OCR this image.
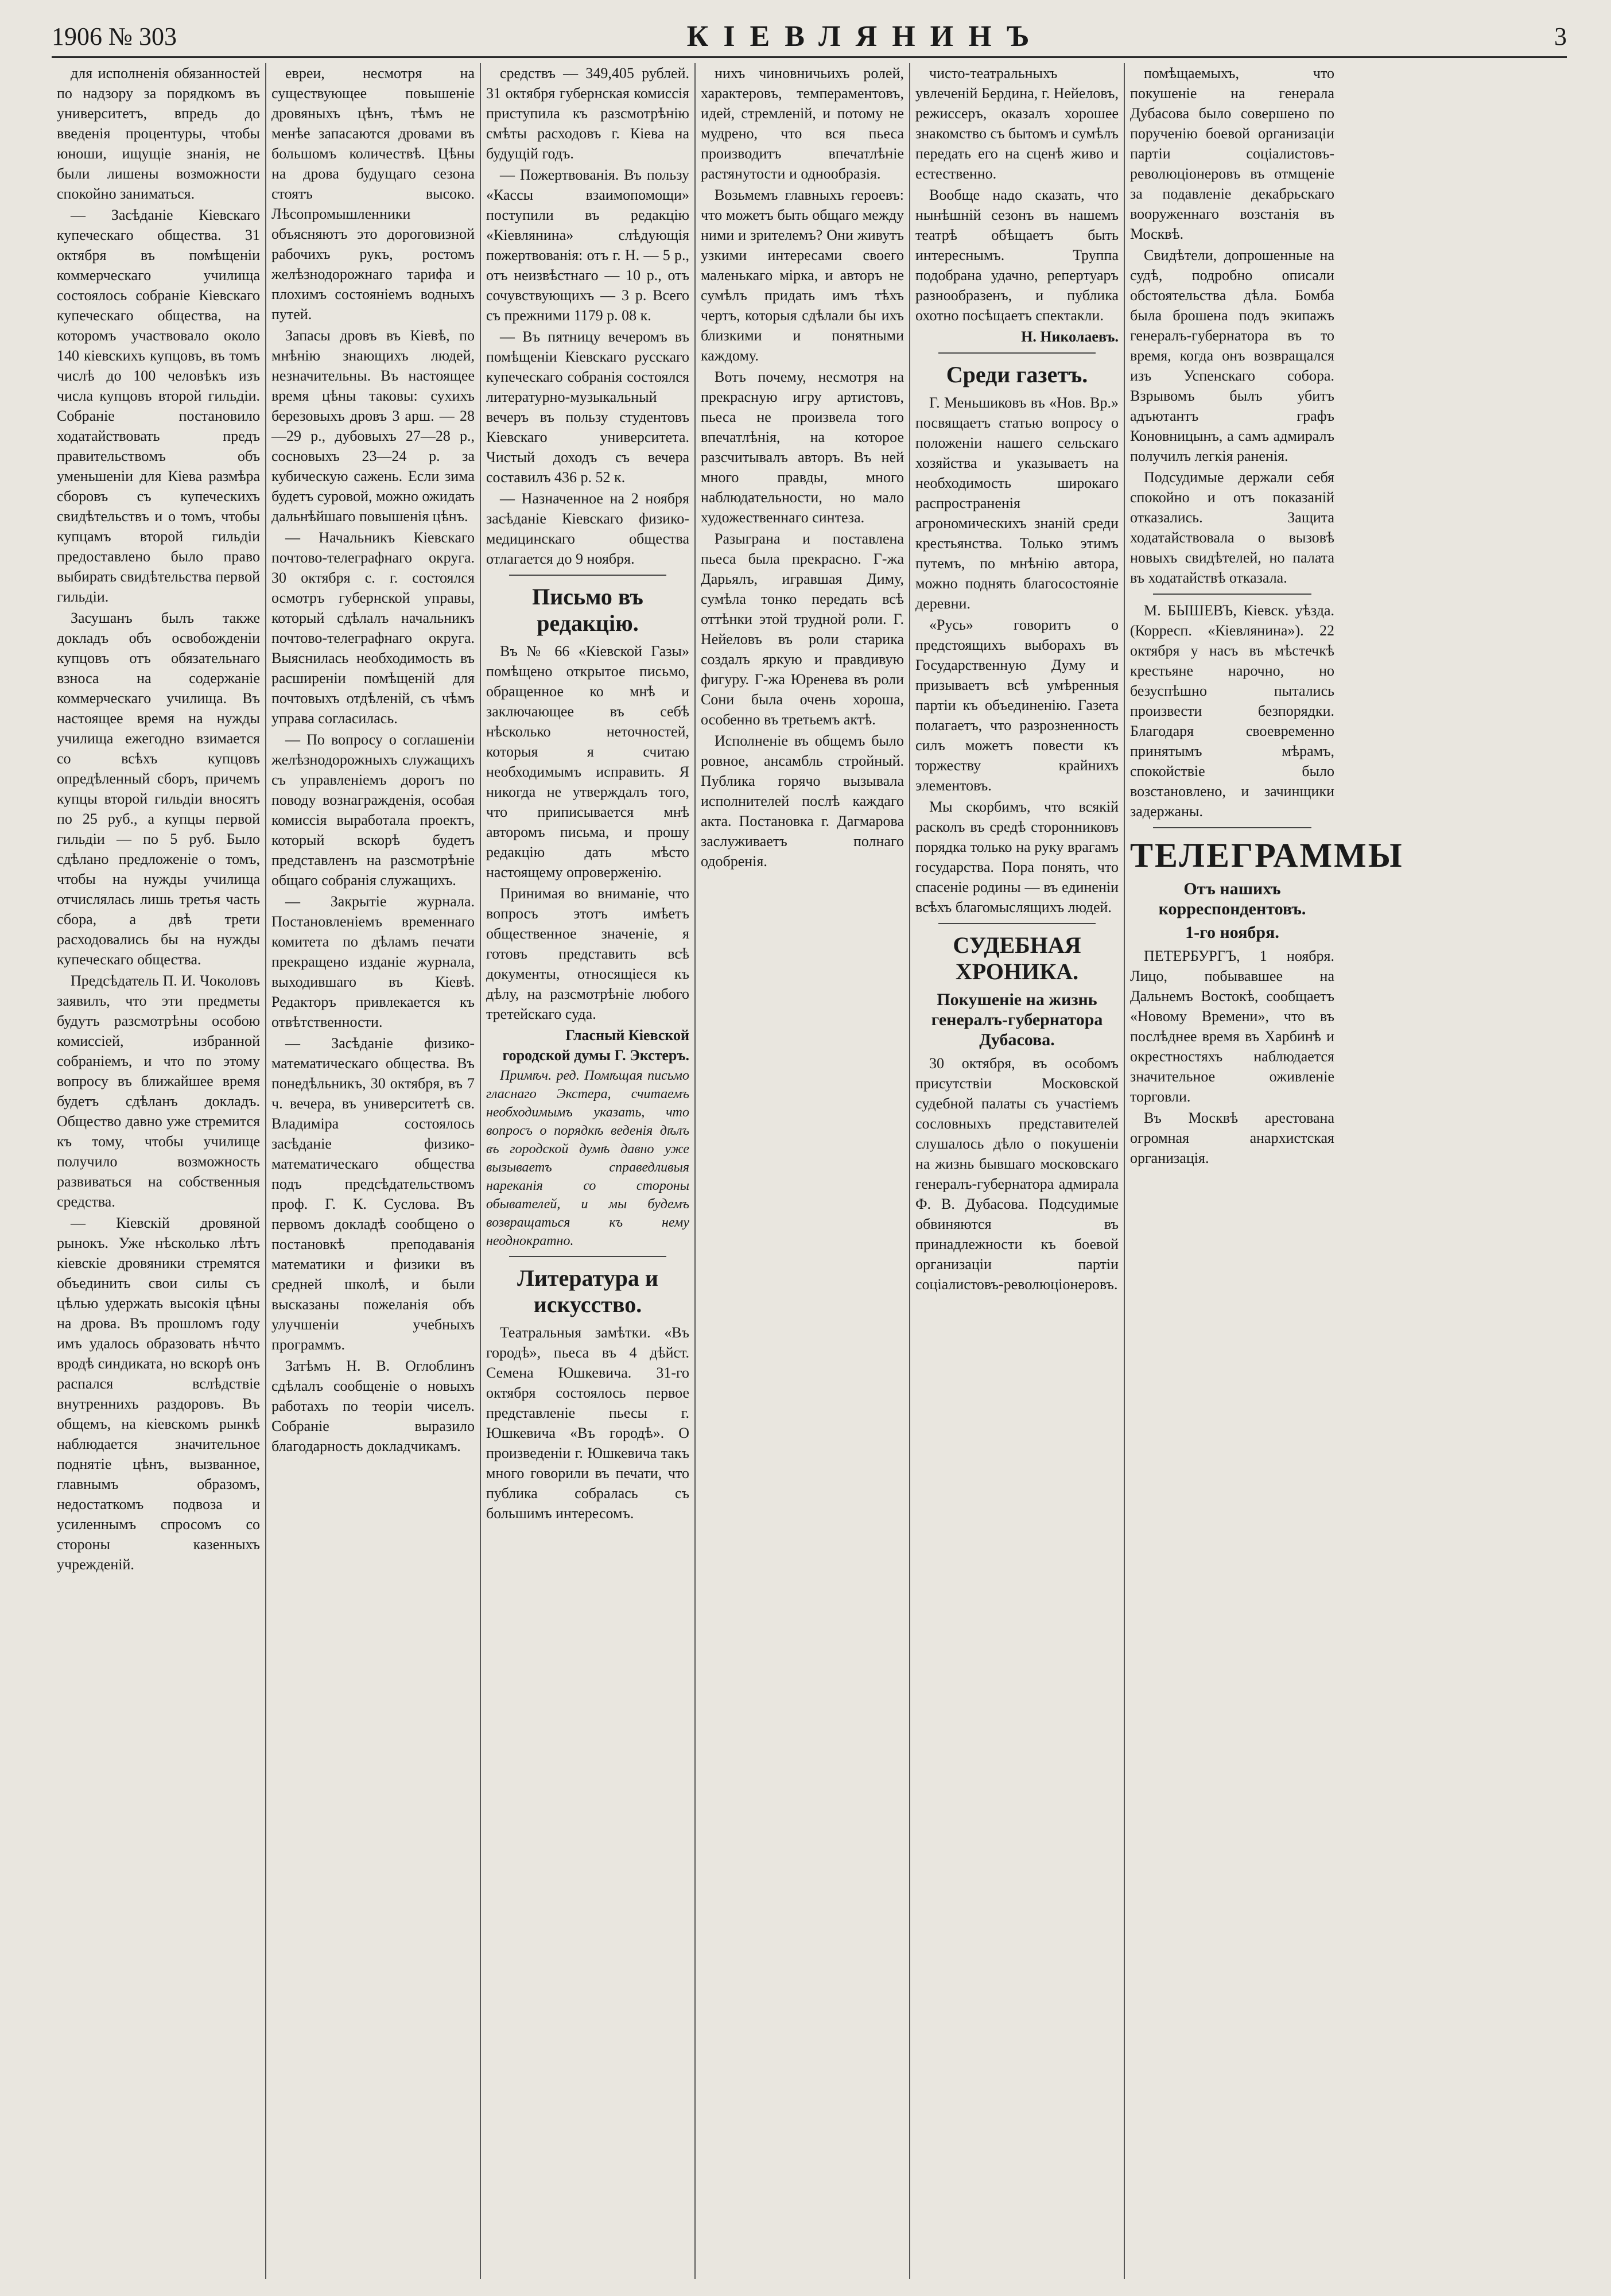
1906 № 303	КІЕВЛЯНИНЪ	3

для исполненія обязанностей по надзору за порядкомъ въ университетъ, впредь до введенія процентуры, чтобы юноши, ищущіе знанія, не были лишены возможности спокойно заниматься.

— Засѣданіе Кіевскаго купеческаго общества. 31 октября въ помѣщеніи коммерческаго училища состоялось собраніе Кіевскаго купеческаго общества, на которомъ участвовало около 140 кіевскихъ купцовъ, въ томъ числѣ до 100 человѣкъ изъ числа купцовъ второй гильдіи. Собраніе постановило ходатайствовать предъ правительствомъ объ уменьшеніи для Кіева размѣра сборовъ съ купеческихъ свидѣтельствъ и о томъ, чтобы купцамъ второй гильдіи предоставлено было право выбирать свидѣтельства первой гильдіи.

Засушанъ былъ также докладъ объ освобожденіи купцовъ отъ обязательнаго взноса на содержаніе коммерческаго училища. Въ настоящее время на нужды училища ежегодно взимается со всѣхъ купцовъ опредѣленный сборъ, причемъ купцы второй гильдіи вносятъ по 25 руб., а купцы первой гильдіи — по 5 руб. Было сдѣлано предложеніе о томъ, чтобы на нужды училища отчислялась лишь третья часть сбора, а двѣ трети расходовались бы на нужды купеческаго общества.

Предсѣдатель П. И. Чоколовъ заявилъ, что эти предметы будутъ разсмотрѣны особою комиссіей, избранной собраніемъ, и что по этому вопросу въ ближайшее время будетъ сдѣланъ докладъ. Общество давно уже стремится къ тому, чтобы училище получило возможность развиваться на собственныя средства.

— Кіевскій дровяной рынокъ. Уже нѣсколько лѣтъ кіевскіе дровяники стремятся объединить свои силы съ цѣлью удержать высокія цѣны на дрова. Въ прошломъ году имъ удалось образовать нѣчто вродѣ синдиката, но вскорѣ онъ распался вслѣдствіе внутреннихъ раздоровъ. Въ общемъ, на кіевскомъ рынкѣ наблюдается значительное поднятіе цѣнъ, вызванное, главнымъ образомъ, недостаткомъ подвоза и усиленнымъ спросомъ со стороны казенныхъ учрежденій.

евреи, несмотря на существующее повышеніе дровяныхъ цѣнъ, тѣмъ не менѣе запасаются дровами въ большомъ количествѣ. Цѣны на дрова будущаго сезона стоятъ высоко. Лѣсопромышленники объясняютъ это дороговизной рабочихъ рукъ, ростомъ желѣзнодорожнаго тарифа и плохимъ состояніемъ водныхъ путей.

Запасы дровъ въ Кіевѣ, по мнѣнію знающихъ людей, незначительны. Въ настоящее время цѣны таковы: сухихъ березовыхъ дровъ 3 арш. — 28—29 р., дубовыхъ 27—28 р., сосновыхъ 23—24 р. за кубическую сажень. Если зима будетъ суровой, можно ожидать дальнѣйшаго повышенія цѣнъ.

— Начальникъ Кіевскаго почтово-телеграфнаго округа. 30 октября с. г. состоялся осмотръ губернской управы, который сдѣлалъ начальникъ почтово-телеграфнаго округа. Выяснилась необходимость въ расширеніи помѣщеній для почтовыхъ отдѣленій, съ чѣмъ управа согласилась.

— По вопросу о соглашеніи желѣзнодорожныхъ служащихъ съ управленіемъ дорогъ по поводу вознагражденія, особая комиссія выработала проектъ, который вскорѣ будетъ представленъ на разсмотрѣніе общаго собранія служащихъ.

— Закрытіе журнала. Постановленіемъ временнаго комитета по дѣламъ печати прекращено изданіе журнала, выходившаго въ Кіевѣ. Редакторъ привлекается къ отвѣтственности.

— Засѣданіе физико-математическаго общества. Въ понедѣльникъ, 30 октября, въ 7 ч. вечера, въ университетѣ св. Владиміра состоялось засѣданіе физико-математическаго общества подъ предсѣдательствомъ проф. Г. К. Суслова. Въ первомъ докладѣ сообщено о постановкѣ преподаванія математики и физики въ средней школѣ, и были высказаны пожеланія объ улучшеніи учебныхъ программъ.

Затѣмъ Н. В. Оглоблинъ сдѣлалъ сообщеніе о новыхъ работахъ по теоріи чиселъ. Собраніе выразило благодарность докладчикамъ.

средствъ — 349,405 рублей. 31 октября губернская комиссія приступила къ разсмотрѣнію смѣты расходовъ г. Кіева на будущій годъ.

— Пожертвованія. Въ пользу «Кассы взаимопомощи» поступили въ редакцію «Кіевлянина» слѣдующія пожертвованія: отъ г. Н. — 5 р., отъ неизвѣстнаго — 10 р., отъ сочувствующихъ — 3 р. Всего съ прежними 1179 р. 08 к.

— Въ пятницу вечеромъ въ помѣщеніи Кіевскаго русскаго купеческаго собранія состоялся литературно-музыкальный вечеръ въ пользу студентовъ Кіевскаго университета. Чистый доходъ съ вечера составилъ 436 р. 52 к.

— Назначенное на 2 ноября засѣданіе Кіевскаго физико-медицинскаго общества отлагается до 9 ноября.

Письмо въ редакцію.

Въ № 66 «Кіевской Газы» помѣщено открытое письмо, обращенное ко мнѣ и заключающее въ себѣ нѣсколько неточностей, которыя я считаю необходимымъ исправить. Я никогда не утверждалъ того, что приписывается мнѣ авторомъ письма, и прошу редакцію дать мѣсто настоящему опроверженію.

Принимая во вниманіе, что вопросъ этотъ имѣетъ общественное значеніе, я готовъ представить всѣ документы, относящіеся къ дѣлу, на разсмотрѣніе любого третейскаго суда.

Гласный Кіевской городской думы Г. Экстеръ.

Примѣч. ред. Помѣщая письмо гласнаго Экстера, считаемъ необходимымъ указать, что вопросъ о порядкѣ веденія дѣлъ въ городской думѣ давно уже вызываетъ справедливыя нареканія со стороны обывателей, и мы будемъ возвращаться къ нему неоднократно.

Литература и искусство.

Театральныя замѣтки. «Въ городѣ», пьеса въ 4 дѣйст. Семена Юшкевича. 31-го октября состоялось первое представленіе пьесы г. Юшкевича «Въ городѣ». О произведеніи г. Юшкевича такъ много говорили въ печати, что публика собралась съ большимъ интересомъ.

нихъ чиновничьихъ ролей, характеровъ, темпераментовъ, идей, стремленій, и потому не мудрено, что вся пьеса производитъ впечатлѣніе растянутости и однообразія.

Возьмемъ главныхъ героевъ: что можетъ быть общаго между ними и зрителемъ? Они живутъ узкими интересами своего маленькаго мірка, и авторъ не сумѣлъ придать имъ тѣхъ чертъ, которыя сдѣлали бы ихъ близкими и понятными каждому.

Вотъ почему, несмотря на прекрасную игру артистовъ, пьеса не произвела того впечатлѣнія, на которое разсчитывалъ авторъ. Въ ней много правды, много наблюдательности, но мало художественнаго синтеза.

Разыграна и поставлена пьеса была прекрасно. Г-жа Дарьялъ, игравшая Диму, сумѣла тонко передать всѣ оттѣнки этой трудной роли. Г. Нейеловъ въ роли старика создалъ яркую и правдивую фигуру. Г-жа Юренева въ роли Сони была очень хороша, особенно въ третьемъ актѣ.

Исполненіе въ общемъ было ровное, ансамбль стройный. Публика горячо вызывала исполнителей послѣ каждаго акта. Постановка г. Дагмарова заслуживаетъ полнаго одобренія.

чисто-театральныхъ увлеченій Бердина, г. Нейеловъ, режиссеръ, оказалъ хорошее знакомство съ бытомъ и сумѣлъ передать его на сценѣ живо и естественно.

Вообще надо сказать, что нынѣшній сезонъ въ нашемъ театрѣ обѣщаетъ быть интереснымъ. Труппа подобрана удачно, репертуаръ разнообразенъ, и публика охотно посѣщаетъ спектакли.

Н. Николаевъ.

Среди газетъ.

Г. Меньшиковъ въ «Нов. Вр.» посвящаетъ статью вопросу о положеніи нашего сельскаго хозяйства и указываетъ на необходимость широкаго распространенія агрономическихъ знаній среди крестьянства. Только этимъ путемъ, по мнѣнію автора, можно поднять благосостояніе деревни.

«Русь» говоритъ о предстоящихъ выборахъ въ Государственную Думу и призываетъ всѣ умѣренныя партіи къ объединенію. Газета полагаетъ, что разрозненность силъ можетъ повести къ торжеству крайнихъ элементовъ.

Мы скорбимъ, что всякій расколъ въ средѣ сторонниковъ порядка только на руку врагамъ государства. Пора понять, что спасеніе родины — въ единеніи всѣхъ благомыслящихъ людей.

СУДЕБНАЯ ХРОНИКА.
Покушеніе на жизнь генералъ-губернатора Дубасова.

30 октября, въ особомъ присутствіи Московской судебной палаты съ участіемъ сословныхъ представителей слушалось дѣло о покушеніи на жизнь бывшаго московскаго генералъ-губернатора адмирала Ф. В. Дубасова. Подсудимые обвиняются въ принадлежности къ боевой организаціи партіи соціалистовъ-революціонеровъ.

помѣщаемыхъ, что покушеніе на генерала Дубасова было совершено по порученію боевой организаціи партіи соціалистовъ-революціонеровъ въ отмщеніе за подавленіе декабрьскаго вооруженнаго возстанія въ Москвѣ.

Свидѣтели, допрошенные на судѣ, подробно описали обстоятельства дѣла. Бомба была брошена подъ экипажъ генералъ-губернатора въ то время, когда онъ возвращался изъ Успенскаго собора. Взрывомъ былъ убитъ адъютантъ графъ Коновницынъ, а самъ адмиралъ получилъ легкія раненія.

Подсудимые держали себя спокойно и отъ показаній отказались. Защита ходатайствовала о вызовѣ новыхъ свидѣтелей, но палата въ ходатайствѣ отказала.

М. БЫШЕВЪ, Кіевск. уѣзда. (Корресп. «Кіевлянина»). 22 октября у насъ въ мѣстечкѣ крестьяне нарочно, но безуспѣшно пытались произвести безпорядки. Благодаря своевременно принятымъ мѣрамъ, спокойствіе было возстановлено, и зачинщики задержаны.

ТЕЛЕГРАММЫ
Отъ нашихъ корреспондентовъ.
1-го ноября.

ПЕТЕРБУРГЪ, 1 ноября. Лицо, побывавшее на Дальнемъ Востокѣ, сообщаетъ «Новому Времени», что въ послѣднее время въ Харбинѣ и окрестностяхъ наблюдается значительное оживленіе торговли.

Въ Москвѣ арестована огромная анархистская организація.
